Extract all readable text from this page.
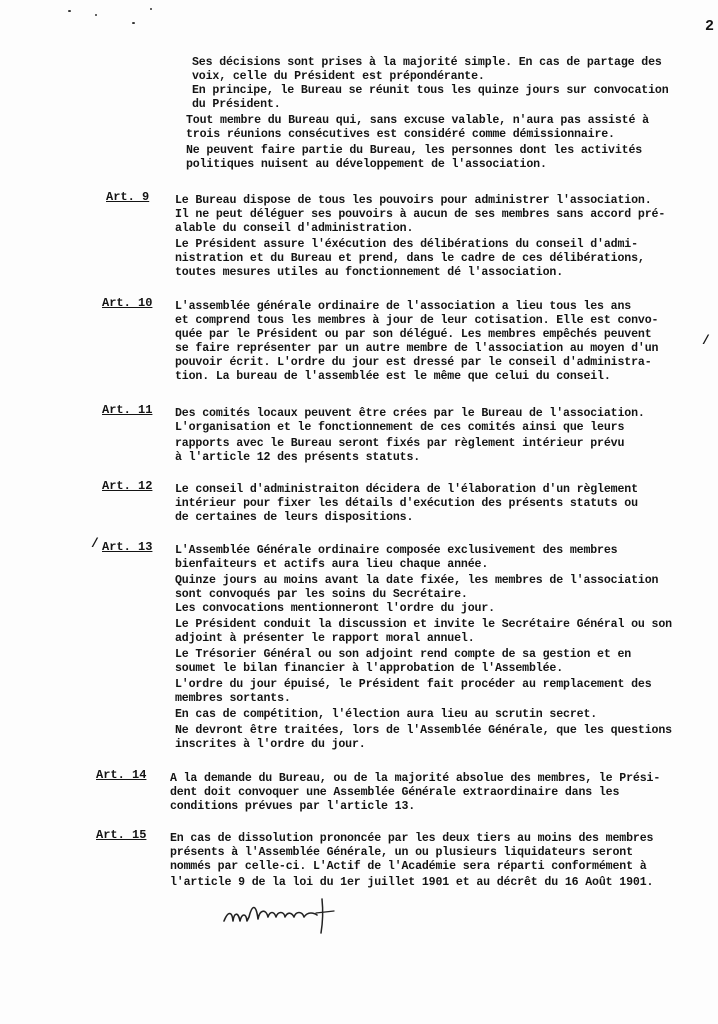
2
Ses décisions sont prises à la majorité simple. En cas de partage des
voix, celle du Président est prépondérante.
En principe, le Bureau se réunit tous les quinze jours sur convocation
du Président.
Tout membre du Bureau qui, sans excuse valable, n'aura pas assisté à
trois réunions consécutives est considéré comme démissionnaire.
Ne peuvent faire partie du Bureau, les personnes dont les activités
politiques nuisent au développement de l'association.
Art. 9 Le Bureau dispose de tous les pouvoirs pour administrer l'association.
Il ne peut déléguer ses pouvoirs à aucun de ses membres sans accord pré-
alable du conseil d'administration.
Le Président assure l'éxécution des délibérations du conseil d'admi-
nistration et du Bureau et prend, dans le cadre de ces délibérations,
toutes mesures utiles au fonctionnement dé l'association.
Art. 10 L'assemblée générale ordinaire de l'association a lieu tous les ans
et comprend tous les membres à jour de leur cotisation. Elle est convo-
quée par le Président ou par son délégué. Les membres empêchés peuvent
se faire représenter par un autre membre de l'association au moyen d'un
pouvoir écrit. L'ordre du jour est dressé par le conseil d'administra-
tion. La bureau de l'assemblée est le même que celui du conseil.
/
Art. 11 Des comités locaux peuvent être crées par le Bureau de l'association.
L'organisation et le fonctionnement de ces comités ainsi que leurs
rapports avec le Bureau seront fixés par règlement intérieur prévu
à l'article 12 des présents statuts.
Art. 12 Le conseil d'administraiton décidera de l'élaboration d'un règlement
intérieur pour fixer les détails d'exécution des présents statuts ou
de certaines de leurs dispositions.
/ Art. 13 L'Assemblée Générale ordinaire composée exclusivement des membres
bienfaiteurs et actifs aura lieu chaque année.
Quinze jours au moins avant la date fixée, les membres de l'association
sont convoqués par les soins du Secrétaire.
Les convocations mentionneront l'ordre du jour.
Le Président conduit la discussion et invite le Secrétaire Général ou son
adjoint à présenter le rapport moral annuel.
Le Trésorier Général ou son adjoint rend compte de sa gestion et en
soumet le bilan financier à l'approbation de l'Assemblée.
L'ordre du jour épuisé, le Président fait procéder au remplacement des
membres sortants.
En cas de compétition, l'élection aura lieu au scrutin secret.
Ne devront être traitées, lors de l'Assemblée Générale, que les questions
inscrites à l'ordre du jour.
Art. 14 A la demande du Bureau, ou de la majorité absolue des membres, le Prési-
dent doit convoquer une Assemblée Générale extraordinaire dans les
conditions prévues par l'article 13.
Art. 15 En cas de dissolution prononcée par les deux tiers au moins des membres
présents à l'Assemblée Générale, un ou plusieurs liquidateurs seront
nommés par celle-ci. L'Actif de l'Académie sera réparti conformément à
l'article 9 de la loi du 1er juillet 1901 et au décrêt du 16 Août 1901.
